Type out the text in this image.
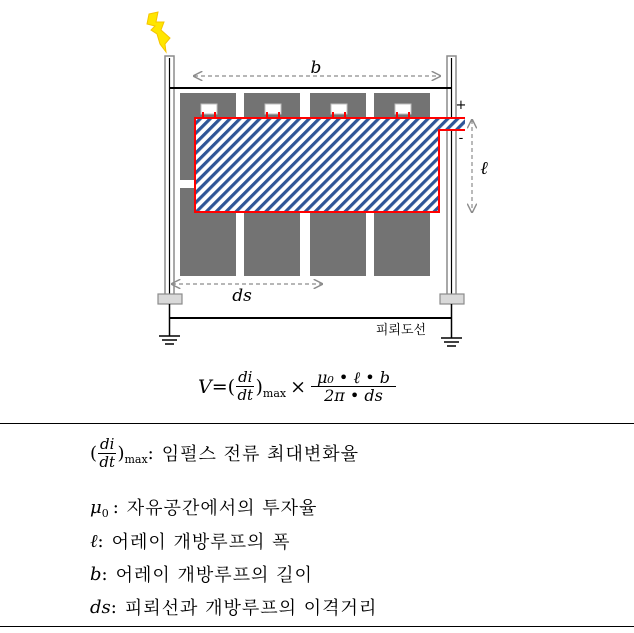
b
+
-
ℓ
ds
피뢰도선
V = ( $\frac{di}{dt}$ ) $\max \times \frac{\text{μ₀ • ℓ • b}}{2\pi • ds}$
( $\frac{di}{dt}$ ) max : 임펄스 전류 최대변화율
μ 0 : 자유공간에서의 투자율
ℓ : 어레이 개방루프의 폭
b : 어레이 개방루프의 길이
ds : 피뢰선과 개방루프의 이격거리
